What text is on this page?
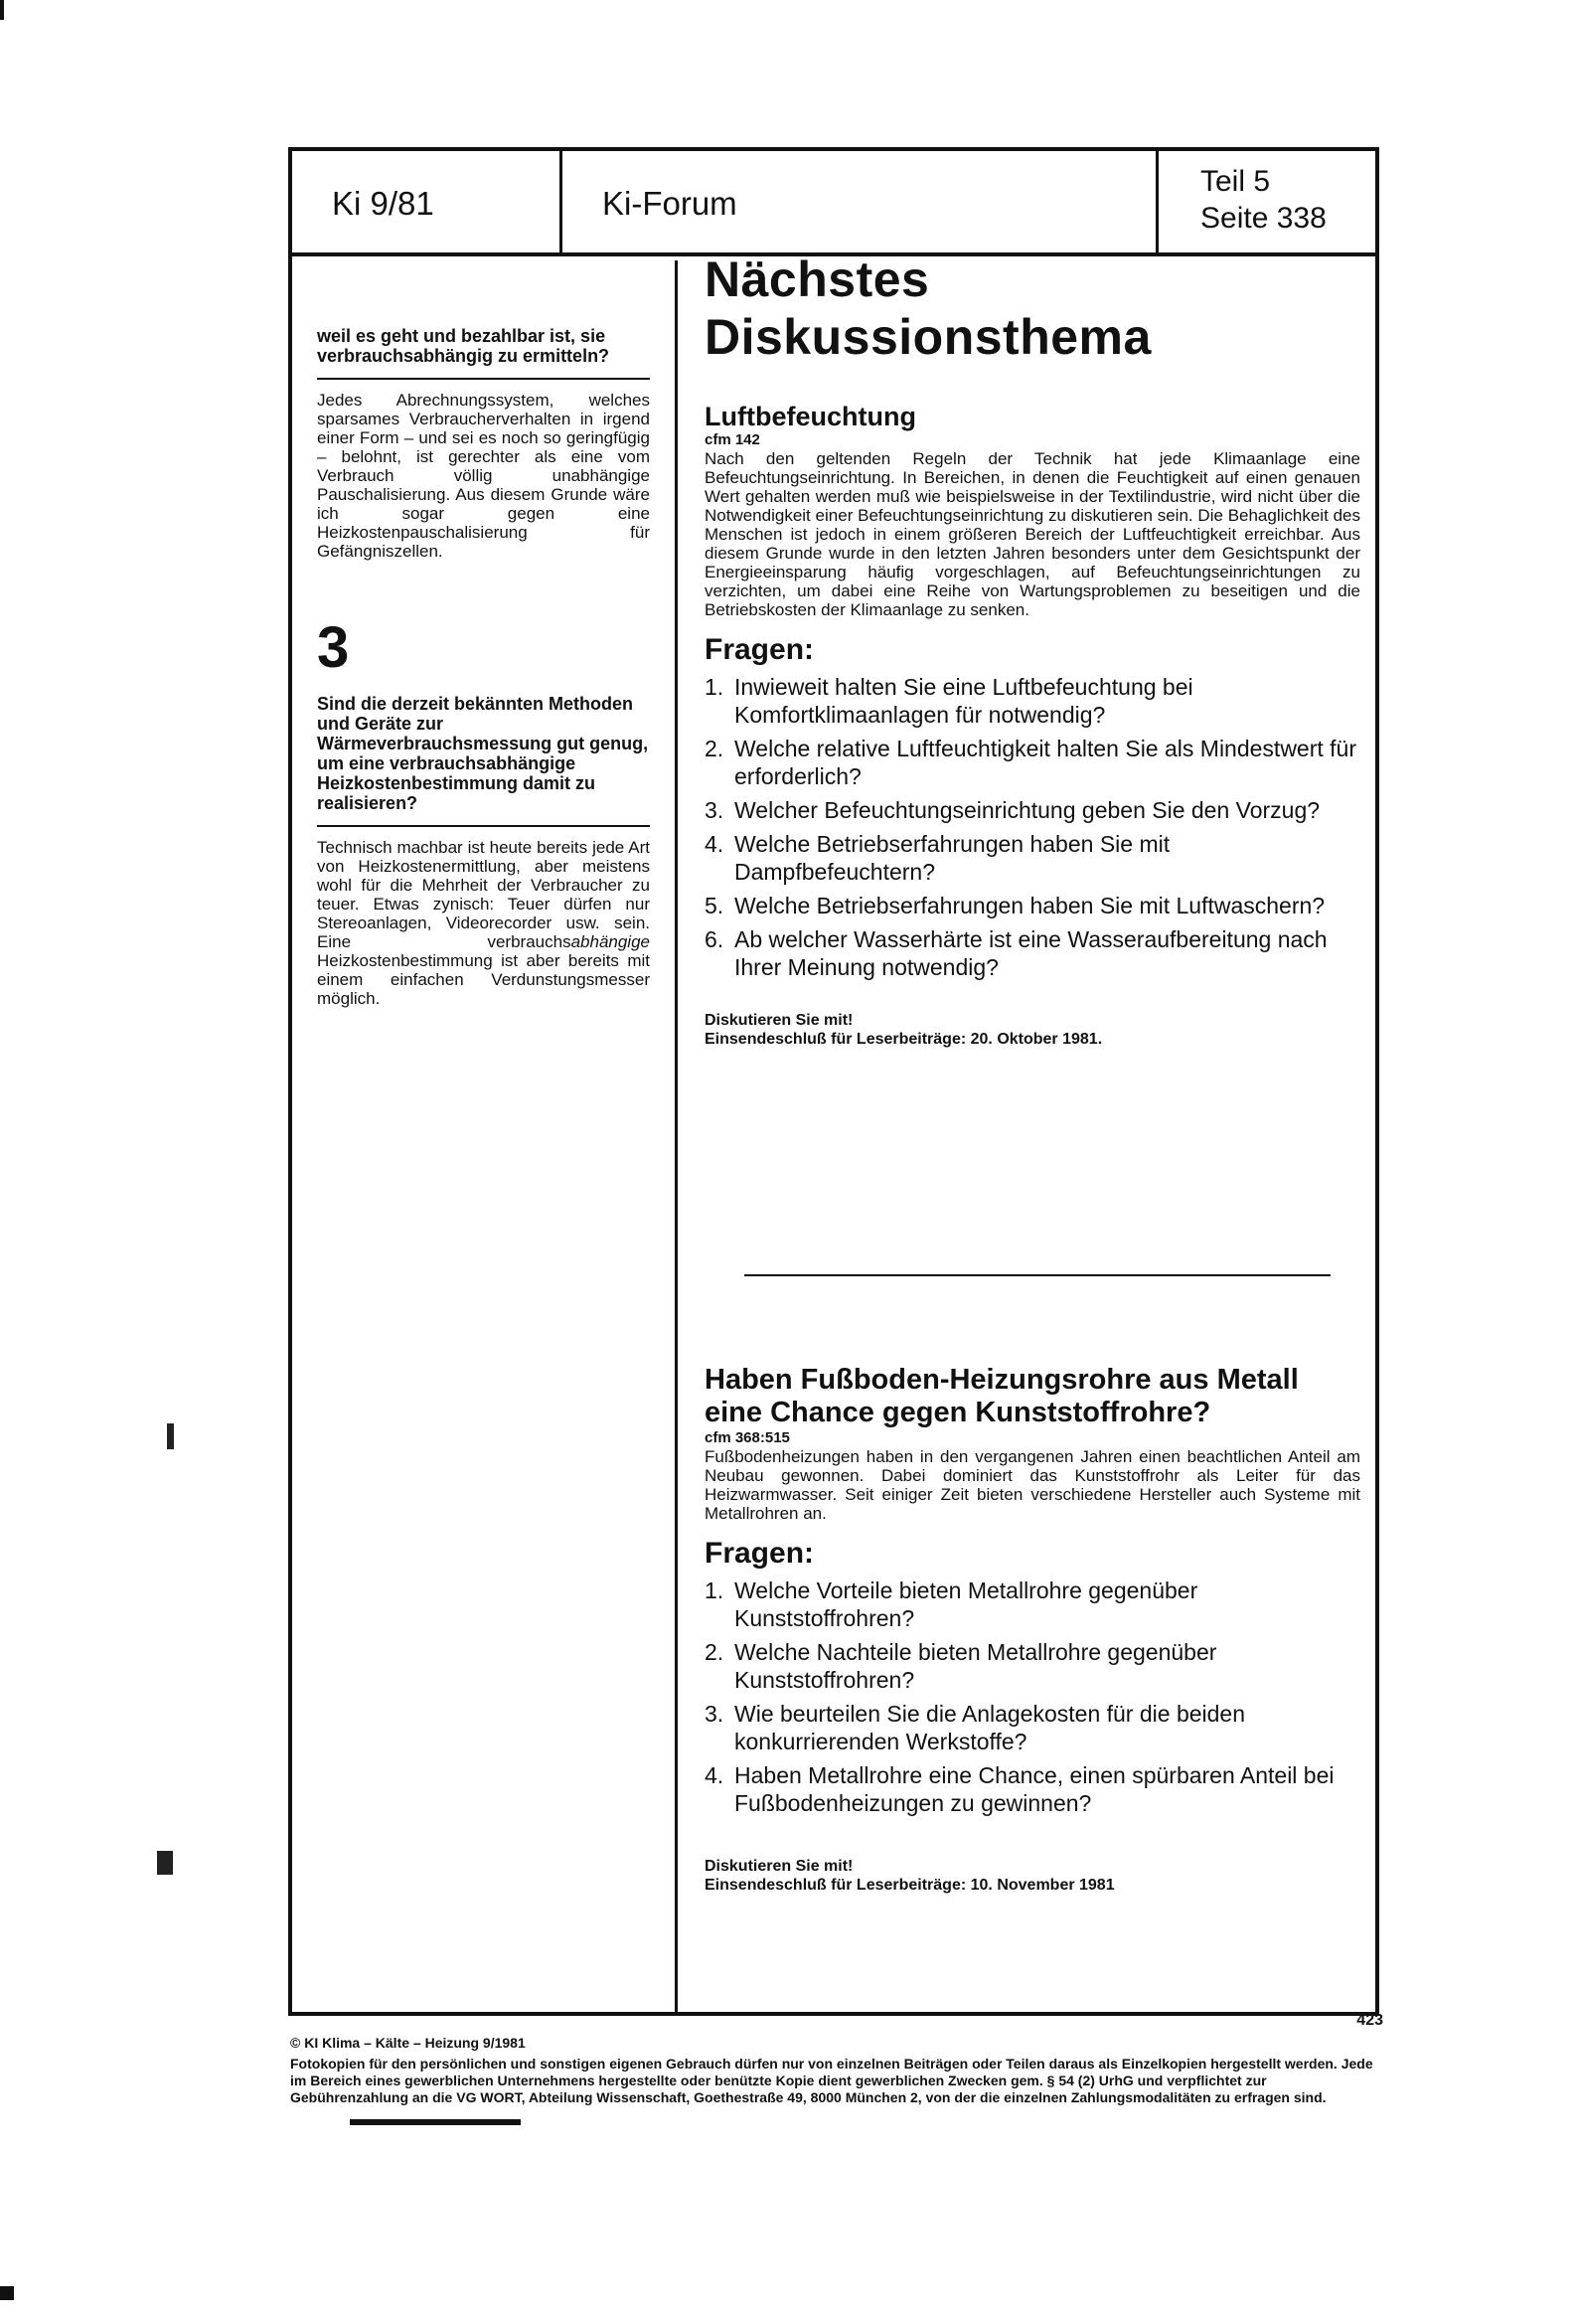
Ki 9/81	Ki-Forum
Teil 5
Seite 338
weil es geht und bezahlbar ist, sie verbrauchsabhängig zu ermitteln?
Jedes Abrechnungssystem, welches sparsames Verbraucherverhalten in irgend einer Form – und sei es noch so geringfügig – belohnt, ist gerechter als eine vom Verbrauch völlig unabhängige Pauschalisierung. Aus diesem Grunde wäre ich sogar gegen eine Heizkostenpauschalisierung für Gefängniszellen.
3
Sind die derzeit bekännten Methoden und Geräte zur Wärmeverbrauchsmessung gut genug, um eine verbrauchsabhängige Heizkostenbestimmung damit zu realisieren?
Technisch machbar ist heute bereits jede Art von Heizkostenermittlung, aber meistens wohl für die Mehrheit der Verbraucher zu teuer. Etwas zynisch: Teuer dürfen nur Stereoanlagen, Videorecorder usw. sein. Eine verbrauchsabhängige Heizkostenbestimmung ist aber bereits mit einem einfachen Verdunstungsmesser möglich.
Nächstes Diskussionsthema
Luftbefeuchtung
cfm 142
Nach den geltenden Regeln der Technik hat jede Klimaanlage eine Befeuchtungseinrichtung. In Bereichen, in denen die Feuchtigkeit auf einen genauen Wert gehalten werden muß wie beispielsweise in der Textilindustrie, wird nicht über die Notwendigkeit einer Befeuchtungseinrichtung zu diskutieren sein. Die Behaglichkeit des Menschen ist jedoch in einem größeren Bereich der Luftfeuchtigkeit erreichbar. Aus diesem Grunde wurde in den letzten Jahren besonders unter dem Gesichtspunkt der Energieeinsparung häufig vorgeschlagen, auf Befeuchtungseinrichtungen zu verzichten, um dabei eine Reihe von Wartungsproblemen zu beseitigen und die Betriebskosten der Klimaanlage zu senken.
Fragen:
1. Inwieweit halten Sie eine Luftbefeuchtung bei Komfortklimaanlagen für notwendig?
2. Welche relative Luftfeuchtigkeit halten Sie als Mindestwert für erforderlich?
3. Welcher Befeuchtungseinrichtung geben Sie den Vorzug?
4. Welche Betriebserfahrungen haben Sie mit Dampfbefeuchtern?
5. Welche Betriebserfahrungen haben Sie mit Luftwaschern?
6. Ab welcher Wasserhärte ist eine Wasseraufbereitung nach Ihrer Meinung notwendig?
Diskutieren Sie mit!
Einsendeschluß für Leserbeiträge: 20. Oktober 1981.
Haben Fußboden-Heizungsrohre aus Metall eine Chance gegen Kunststoffrohre?
cfm 368:515
Fußbodenheizungen haben in den vergangenen Jahren einen beachtlichen Anteil am Neubau gewonnen. Dabei dominiert das Kunststoffrohr als Leiter für das Heizwarmwasser. Seit einiger Zeit bieten verschiedene Hersteller auch Systeme mit Metallrohren an.
Fragen:
1. Welche Vorteile bieten Metallrohre gegenüber Kunststoffrohren?
2. Welche Nachteile bieten Metallrohre gegenüber Kunststoffrohren?
3. Wie beurteilen Sie die Anlagekosten für die beiden konkurrierenden Werkstoffe?
4. Haben Metallrohre eine Chance, einen spürbaren Anteil bei Fußbodenheizungen zu gewinnen?
Diskutieren Sie mit!
Einsendeschluß für Leserbeiträge: 10. November 1981
423
© KI Klima – Kälte – Heizung 9/1981
Fotokopien für den persönlichen und sonstigen eigenen Gebrauch dürfen nur von einzelnen Beiträgen oder Teilen daraus als Einzelkopien hergestellt werden. Jede im Bereich eines gewerblichen Unternehmens hergestellte oder benützte Kopie dient gewerblichen Zwecken gem. § 54 (2) UrhG und verpflichtet zur Gebührenzahlung an die VG WORT, Abteilung Wissenschaft, Goethestraße 49, 8000 München 2, von der die einzelnen Zahlungsmodalitäten zu erfragen sind.
